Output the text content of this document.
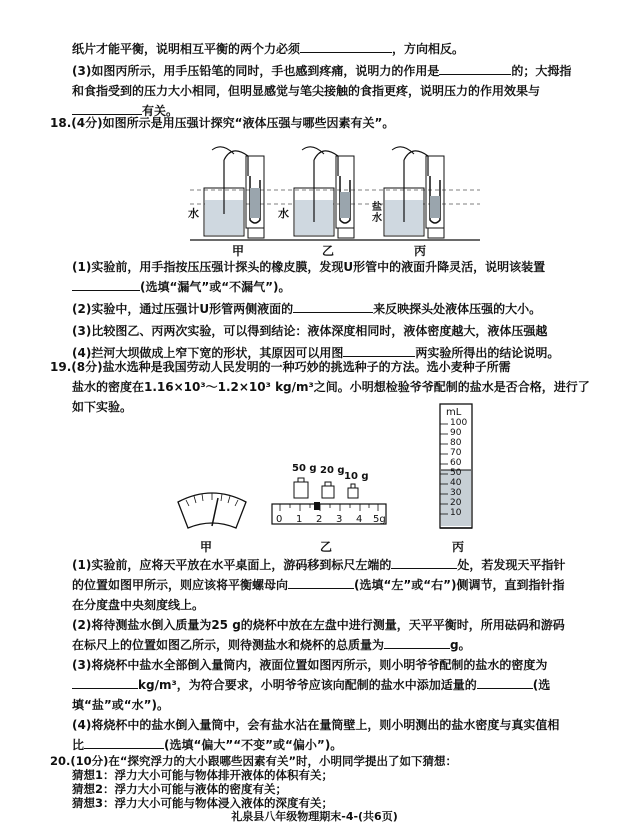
纸片才能平衡，说明相互平衡的两个力必须	，方向相反。
(3)如图丙所示，用手压铅笔的同时，手也感到疼痛，说明力的作用是	的；大拇指
和食指受到的压力大小相同，但明显感觉与笔尖接触的食指更疼，说明压力的作用效果与
有关。
18.(4分)如图所示是用压强计探究“液体压强与哪些因素有关”。
水	水	盐水
甲	乙	丙
(1)实验前，用手指按压压强计探头的橡皮膜，发现U形管中的液面升降灵活，说明该装置
(选填“漏气”或“不漏气”)。
(2)实验中，通过压强计U形管两侧液面的	来反映探头处液体压强的大小。
(3)比较图乙、丙两次实验，可以得到结论：液体深度相同时，液体密度越大，液体压强越
(4)拦河大坝做成上窄下宽的形状，其原因可以用图	两实验所得出的结论说明。
19.(8分)盐水选种是我国劳动人民发明的一种巧妙的挑选种子的方法。选小麦种子所需
盐水的密度在1.16×10³～1.2×10³ kg/m³之间。小明想检验爷爷配制的盐水是否合格，进行了
如下实验。
甲
50 g 20 g
10 g
0 1 2 3 4 5g
乙
mL
100
90
80
70
60
50
40
30
20
10
丙
(1)实验前，应将天平放在水平桌面上，游码移到标尺左端的	处，若发现天平指针
的位置如图甲所示，则应该将平衡螺母向	(选填“左”或“右”)侧调节，直到指针指
在分度盘中央刻度线上。
(2)将待测盐水倒入质量为25 g的烧杯中放在左盘中进行测量，天平平衡时，所用砝码和游码
在标尺上的位置如图乙所示，则待测盐水和烧杯的总质量为	g。
(3)将烧杯中盐水全部倒入量筒内，液面位置如图丙所示，则小明爷爷配制的盐水的密度为
kg/m³，为符合要求，小明爷爷应该向配制的盐水中添加适量的	(选
填“盐”或“水”)。
(4)将烧杯中的盐水倒入量筒中，会有盐水沾在量筒壁上，则小明测出的盐水密度与真实值相
比	(选填“偏大”“不变”或“偏小”)。
20.(10分)在“探究浮力的大小跟哪些因素有关”时，小明同学提出了如下猜想：
猜想1：浮力大小可能与物体排开液体的体积有关；
猜想2：浮力大小可能与液体的密度有关；
猜想3：浮力大小可能与物体浸入液体的深度有关；
礼泉县八年级物理期末-4-(共6页)
